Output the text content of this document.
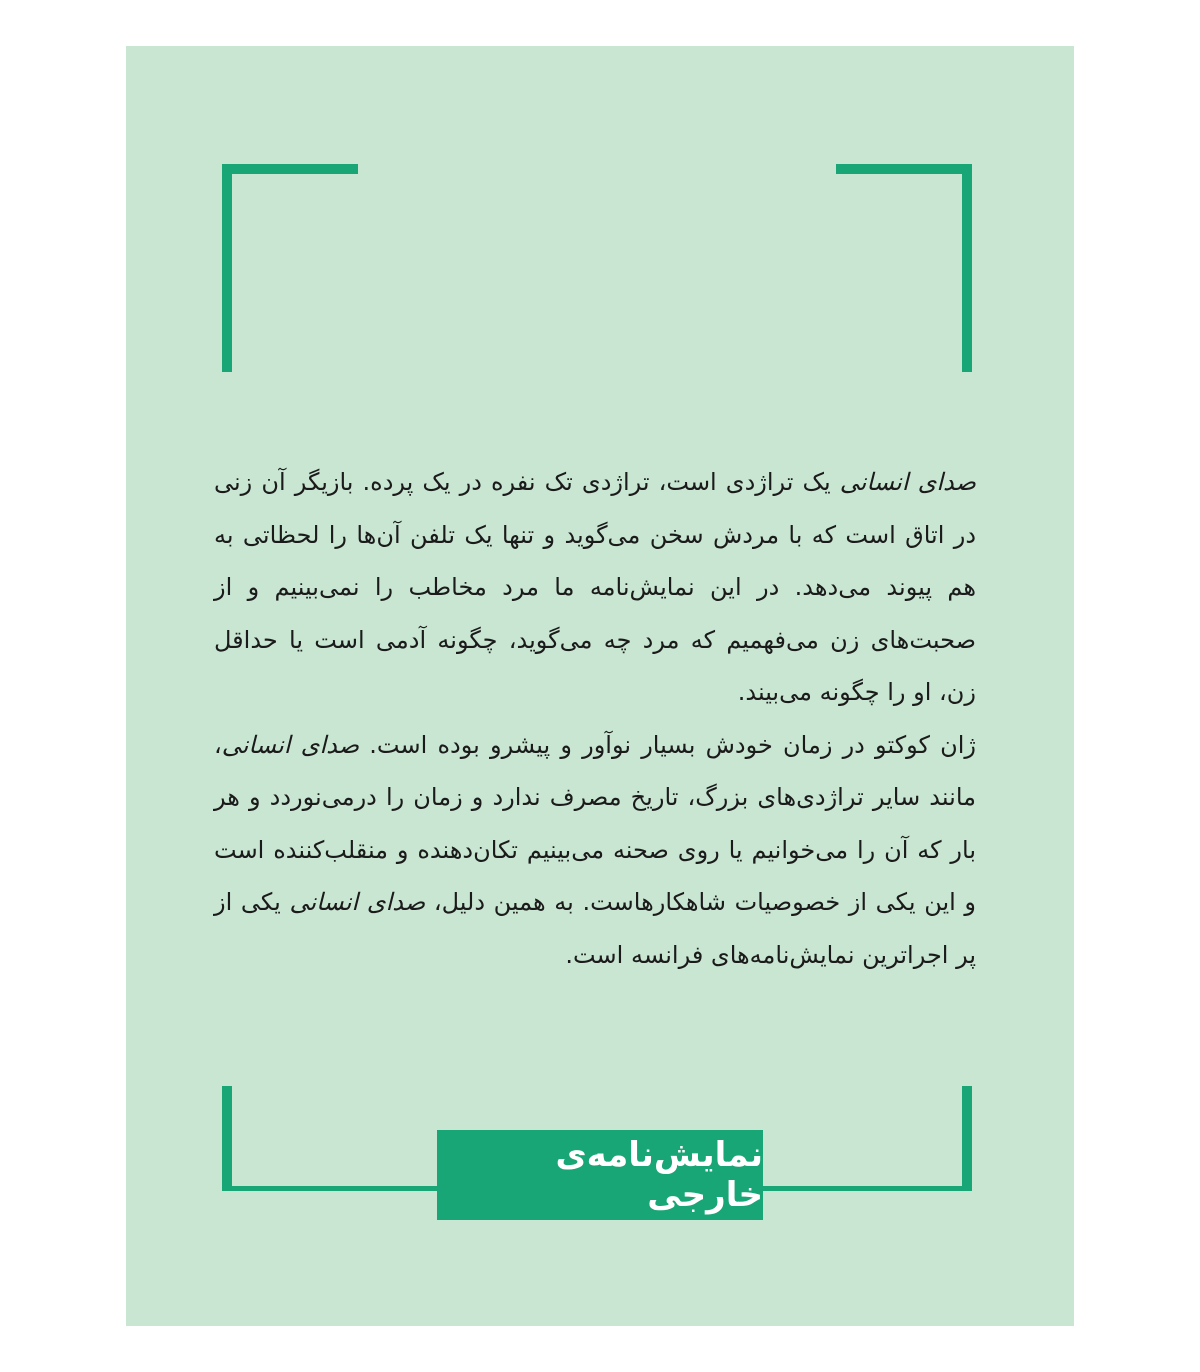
صدای انسانی یک تراژدی است، تراژدی تک نفره در یک پرده. بازیگر آن زنی در اتاق است که با مردش سخن می‌گوید و تنها یک تلفن آن‌ها را لحظاتی به هم پیوند می‌دهد. در این نمایش‌نامه ما مرد مخاطب را نمی‌بینیم و از صحبت‌های زن می‌فهمیم که مرد چه می‌گوید، چگونه آدمی است یا حداقل زن، او را چگونه می‌بیند.

ژان کوکتو در زمان خودش بسیار نوآور و پیشرو بوده است. صدای انسانی، مانند سایر تراژدی‌های بزرگ، تاریخ مصرف ندارد و زمان را درمی‌نوردد و هر بار که آن را می‌خوانیم یا روی صحنه می‌بینیم تکان‌دهنده و منقلب‌کننده است و این یکی از خصوصیات شاهکارهاست. به همین دلیل، صدای انسانی یکی از پر اجراترین نمایش‌نامه‌های فرانسه است.

نمایش‌نامه‌ی خارجی
